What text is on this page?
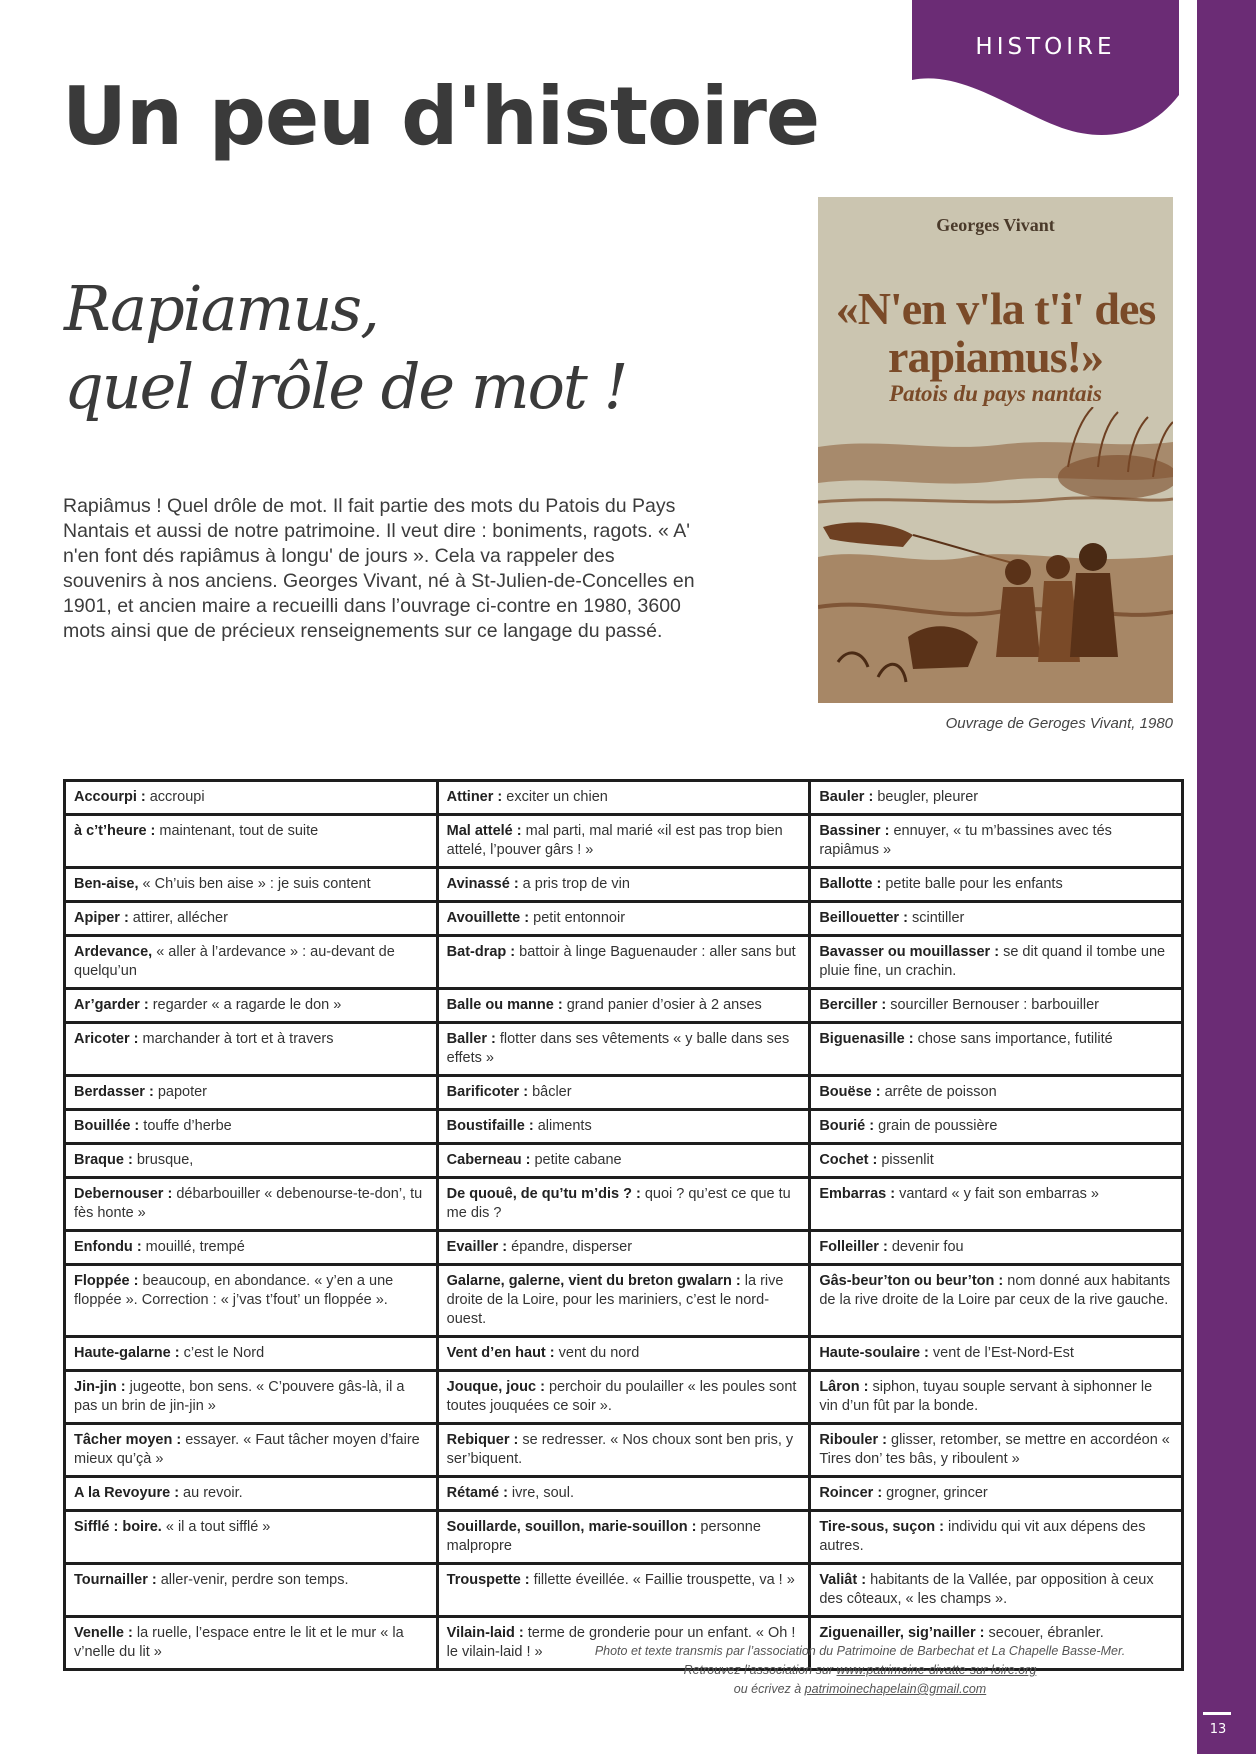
13
HISTOIRE
Un peu d'histoire
Rapiamus,
quel drôle de mot !

Rapiâmus ! Quel drôle de mot. Il fait partie des mots du Patois du Pays Nantais et aussi de notre patrimoine. Il veut dire : boniments, ragots. « A' n'en font dés rapiâmus à longu' de jours ». Cela va rappeler des souvenirs à nos anciens. Georges Vivant, né à St-Julien-de-Concelles en 1901, et ancien maire a recueilli dans l’ouvrage ci-contre en 1980, 3600 mots ainsi que de précieux renseignements sur ce langage du passé.

Georges Vivant
«N'en v'la t'i' des
rapiamus!»
Patois du pays nantais
Ouvrage de Geroges Vivant, 1980
Accourpi : accroupi	Attiner : exciter un chien	Bauler : beugler, pleurer
à c’t’heure : maintenant, tout de suite	Mal attelé : mal parti, mal marié «il est pas trop bien attelé, l’pouver gârs ! »	Bassiner : ennuyer, « tu m’bassines avec tés rapiâmus »
Ben-aise, « Ch’uis ben aise » : je suis content	Avinassé : a pris trop de vin	Ballotte : petite balle pour les enfants
Apiper : attirer, allécher	Avouillette : petit entonnoir	Beillouetter : scintiller
Ardevance, « aller à l’ardevance » : au-devant de quelqu’un	Bat-drap : battoir à linge Baguenauder : aller sans but	Bavasser ou mouillasser : se dit quand il tombe une pluie fine, un crachin.
Ar’garder : regarder « a ragarde le don »	Balle ou manne : grand panier d’osier à 2 anses	Berciller : sourciller Bernouser : barbouiller
Aricoter : marchander à tort et à travers	Baller : flotter dans ses vêtements « y balle dans ses effets »	Biguenasille : chose sans importance, futilité
Berdasser : papoter	Barificoter : bâcler	Bouëse : arrête de poisson
Bouillée : touffe d’herbe	Boustifaille : aliments	Bourié : grain de poussière
Braque : brusque,	Caberneau : petite cabane	Cochet : pissenlit
Debernouser : débarbouiller « debenourse-te-don’, tu fès honte »	De quouê, de qu’tu m’dis ? : quoi ? qu’est ce que tu me dis ?	Embarras : vantard « y fait son embarras »
Enfondu : mouillé, trempé	Evailler : épandre, disperser	Folleiller : devenir fou
Floppée : beaucoup, en abondance. « y’en a une floppée ». Correction : « j’vas t’fout’ un floppée ».	Galarne, galerne, vient du breton gwalarn : la rive droite de la Loire, pour les mariniers, c’est le nord-ouest.	Gâs-beur’ton ou beur’ton : nom donné aux habitants de la rive droite de la Loire par ceux de la rive gauche.
Haute-galarne : c’est le Nord	Vent d’en haut : vent du nord	Haute-soulaire : vent de l’Est-Nord-Est
Jin-jin : jugeotte, bon sens. « C’pouvere gâs-là, il a pas un brin de jin-jin »	Jouque, jouc : perchoir du poulailler « les poules sont toutes jouquées ce soir ».	Lâron : siphon, tuyau souple servant à siphonner le vin d’un fût par la bonde.
Tâcher moyen : essayer. « Faut tâcher moyen d’faire mieux qu’çà »	Rebiquer : se redresser. « Nos choux sont ben pris, y ser’biquent.	Ribouler : glisser, retomber, se mettre en accordéon « Tires don’ tes bâs, y riboulent »
A la Revoyure : au revoir.	Rétamé : ivre, soul.	Roincer : grogner, grincer
Sifflé : boire. « il a tout sifflé »	Souillarde, souillon, marie-souillon : personne malpropre	Tire-sous, suçon : individu qui vit aux dépens des autres.
Tournailler : aller-venir, perdre son temps.	Trouspette : fillette éveillée. « Faillie trouspette, va ! »	Valiât : habitants de la Vallée, par opposition à ceux des côteaux, « les champs ».
Venelle : la ruelle, l’espace entre le lit et le mur « la v’nelle du lit »	Vilain-laid : terme de gronderie pour un enfant. « Oh ! le vilain-laid ! »	Ziguenailler, sig’nailler : secouer, ébranler.
Photo et texte transmis par l’association du Patrimoine de Barbechat et La Chapelle Basse-Mer.
Retrouvez l’association sur www.patrimoine-divatte-sur-loire.org
ou écrivez à patrimoinechapelain@gmail.com
